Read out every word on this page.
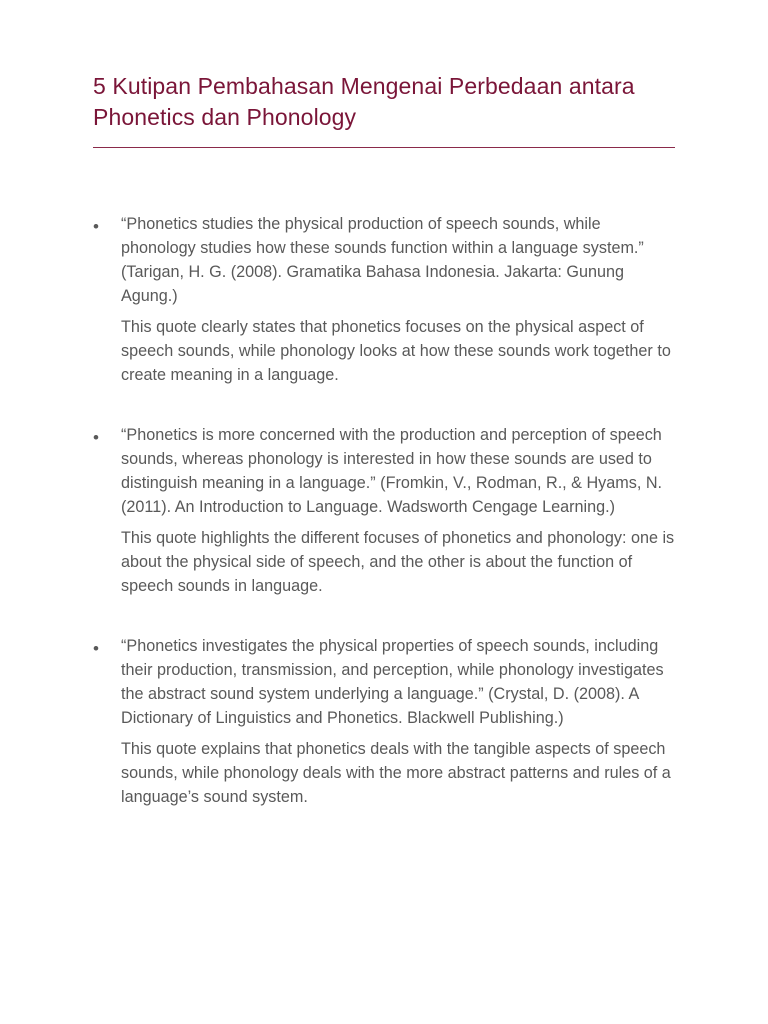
5 Kutipan Pembahasan Mengenai Perbedaan antara Phonetics dan Phonology
• “Phonetics studies the physical production of speech sounds, while phonology studies how these sounds function within a language system.” (Tarigan, H. G. (2008). Gramatika Bahasa Indonesia. Jakarta: Gunung Agung.)

This quote clearly states that phonetics focuses on the physical aspect of speech sounds, while phonology looks at how these sounds work together to create meaning in a language.

• “Phonetics is more concerned with the production and perception of speech sounds, whereas phonology is interested in how these sounds are used to distinguish meaning in a language.” (Fromkin, V., Rodman, R., & Hyams, N. (2011). An Introduction to Language. Wadsworth Cengage Learning.)

This quote highlights the different focuses of phonetics and phonology: one is about the physical side of speech, and the other is about the function of speech sounds in language.

• “Phonetics investigates the physical properties of speech sounds, including their production, transmission, and perception, while phonology investigates the abstract sound system underlying a language.” (Crystal, D. (2008). A Dictionary of Linguistics and Phonetics. Blackwell Publishing.)

This quote explains that phonetics deals with the tangible aspects of speech sounds, while phonology deals with the more abstract patterns and rules of a language’s sound system.
